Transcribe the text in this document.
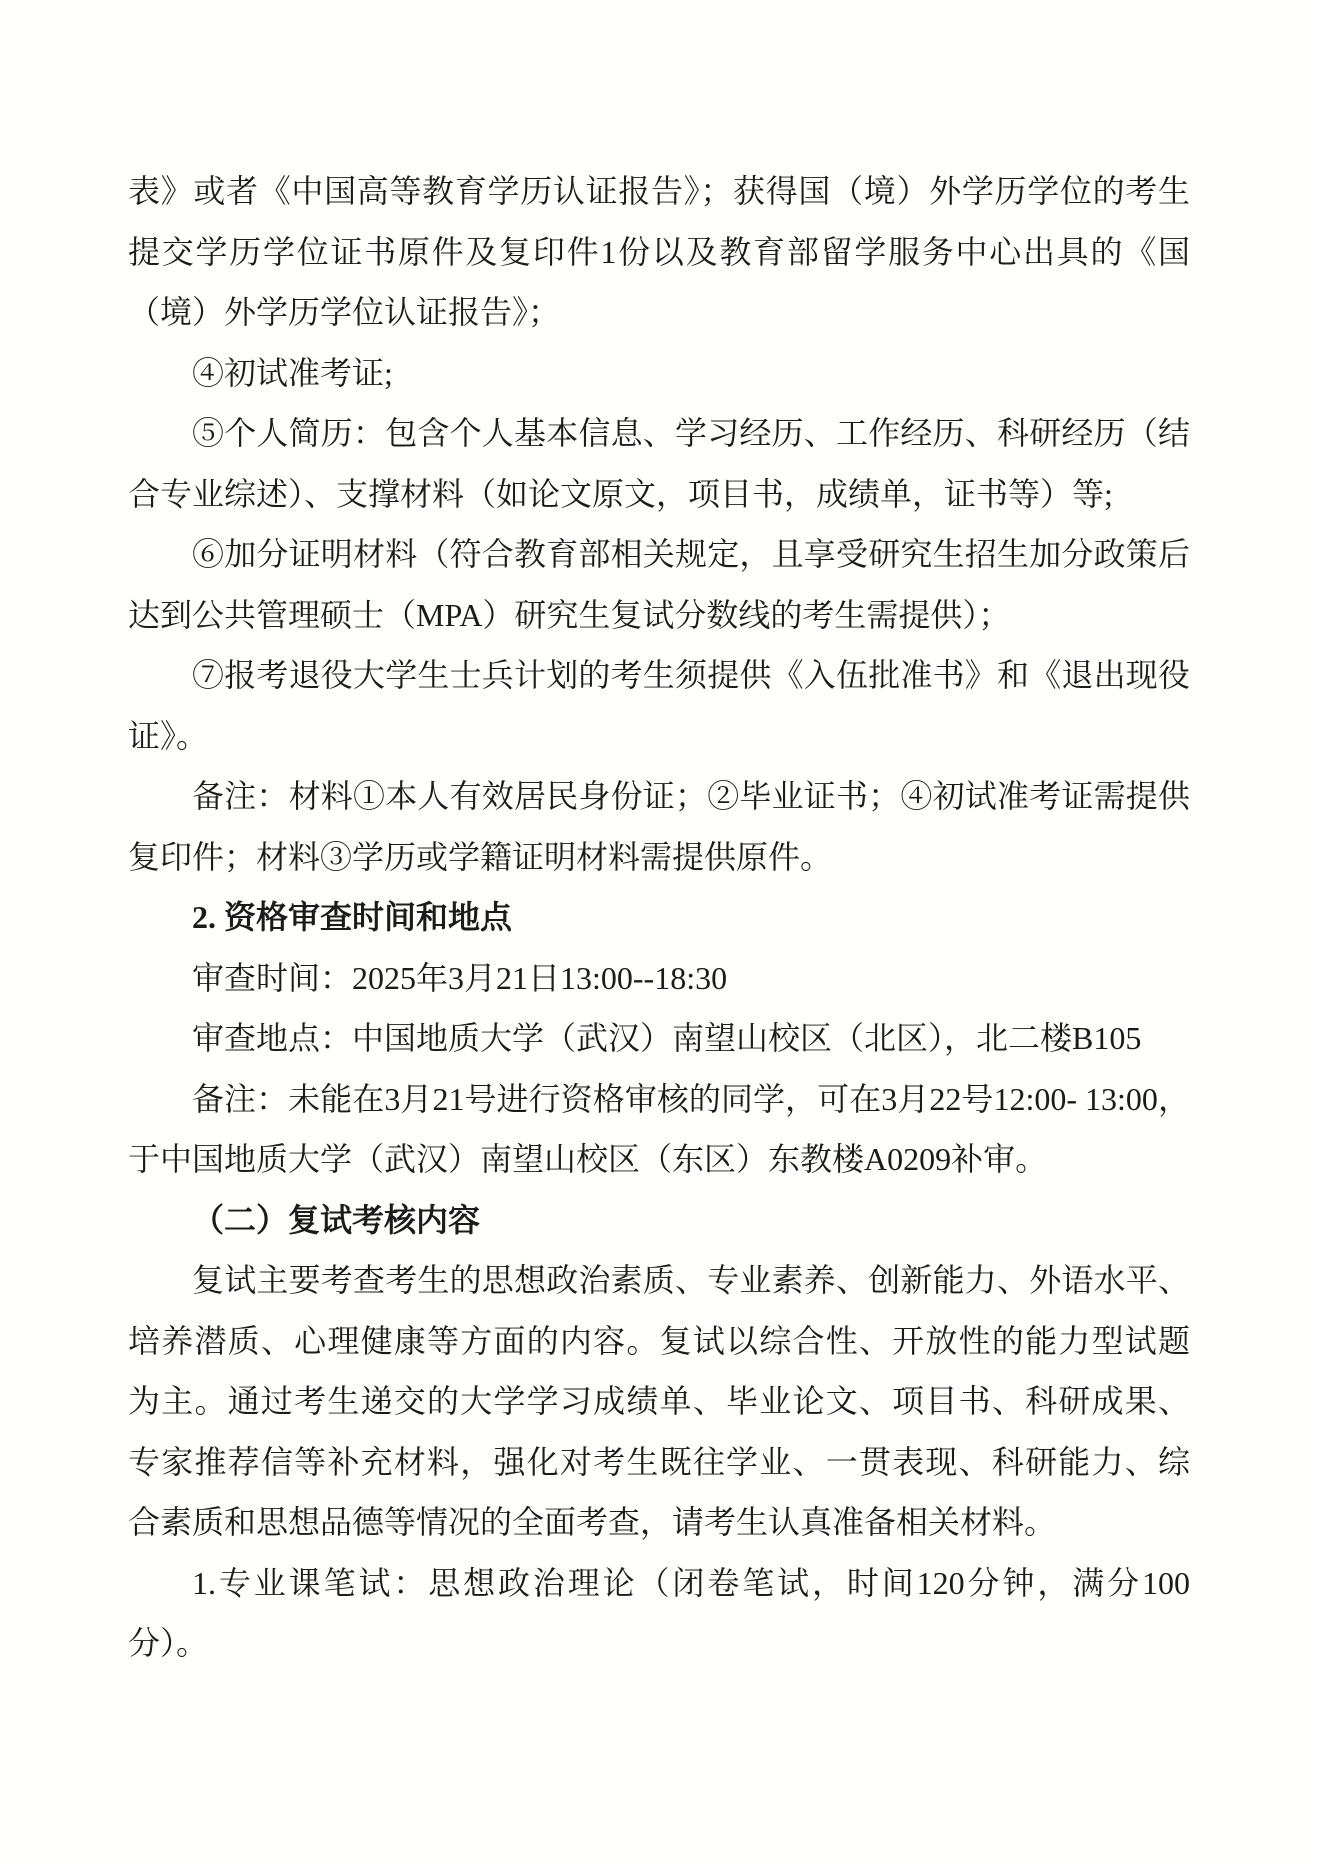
表》或者《中国高等教育学历认证报告》；获得国（境）外学历学位的考生
提交学历学位证书原件及复印件1份以及教育部留学服务中心出具的《国
（境）外学历学位认证报告》；
④初试准考证;
⑤个人简历：包含个人基本信息、学习经历、工作经历、科研经历（结
合专业综述）、支撑材料（如论文原文，项目书，成绩单，证书等）等;
⑥加分证明材料（符合教育部相关规定，且享受研究生招生加分政策后
达到公共管理硕士（MPA）研究生复试分数线的考生需提供）；
⑦报考退役大学生士兵计划的考生须提供《入伍批准书》和《退出现役
证》。
备注：材料①本人有效居民身份证；②毕业证书；④初试准考证需提供
复印件；材料③学历或学籍证明材料需提供原件。
2. 资格审查时间和地点
审查时间：2025年3月21日13:00--18:30
审查地点：中国地质大学（武汉）南望山校区（北区），北二楼B105
备注：未能在3月21号进行资格审核的同学，可在3月22号12:00- 13:00，
于中国地质大学（武汉）南望山校区（东区）东教楼A0209补审。
（二）复试考核内容
复试主要考查考生的思想政治素质、专业素养、创新能力、外语水平、
培养潜质、心理健康等方面的内容。复试以综合性、开放性的能力型试题
为主。通过考生递交的大学学习成绩单、毕业论文、项目书、科研成果、
专家推荐信等补充材料，强化对考生既往学业、一贯表现、科研能力、综
合素质和思想品德等情况的全面考查，请考生认真准备相关材料。
1.专业课笔试：思想政治理论（闭卷笔试，时间120分钟，满分100
分）。
